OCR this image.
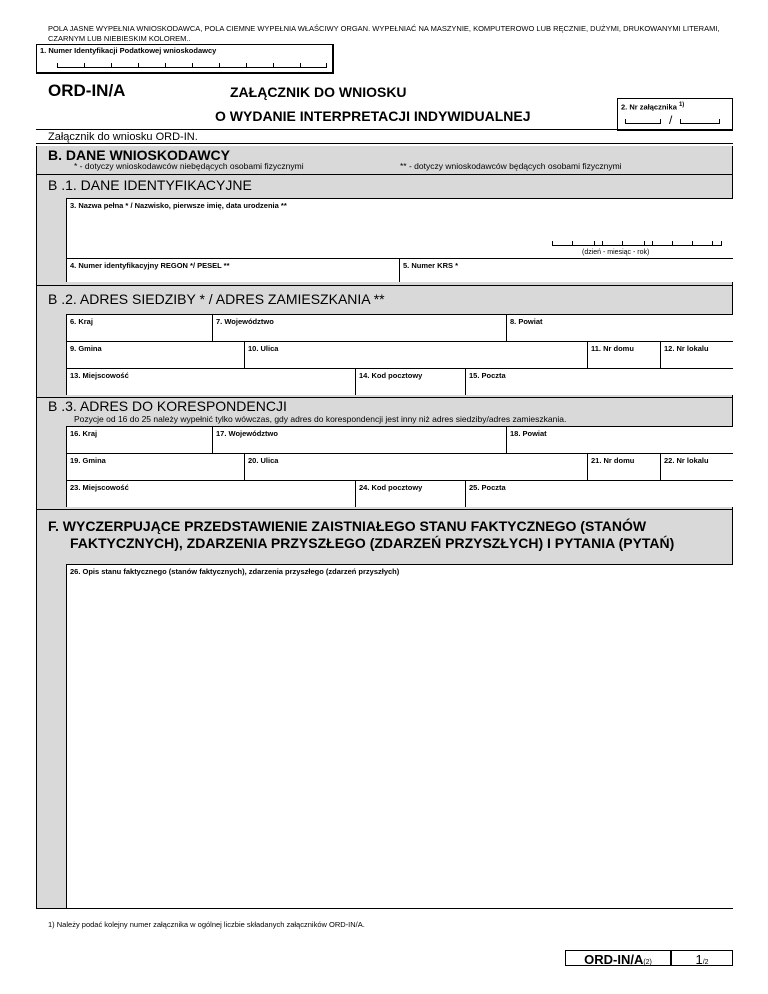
POLA JASNE WYPEŁNIA WNIOSKODAWCA, POLA CIEMNE WYPEŁNIA WŁAŚCIWY ORGAN. WYPEŁNIAĆ NA MASZYNIE, KOMPUTEROWO LUB RĘCZNIE, DUŻYMI, DRUKOWANYMI LITERAMI, CZARNYM LUB NIEBIESKIM KOLOREM..
1. Numer Identyfikacji Podatkowej wnioskodawcy
ORD-IN/A	ZAŁĄCZNIK DO WNIOSKU
O WYDANIE INTERPRETACJI INDYWIDUALNEJ
2. Nr załącznika $^{1)}$
/
Załącznik do wniosku ORD-IN.
B. DANE WNIOSKODAWCY
* - dotyczy wnioskodawców niebędących osobami fizycznymi	** - dotyczy wnioskodawców będących osobami fizycznymi
B .1. DANE IDENTYFIKACYJNE
3. Nazwa pełna * / Nazwisko, pierwsze imię, data urodzenia **
(dzień - miesiąc - rok)
4. Numer identyfikacyjny REGON */ PESEL **	5. Numer KRS *
B .2. ADRES SIEDZIBY * / ADRES ZAMIESZKANIA **
6. Kraj	7. Województwo	8. Powiat
9. Gmina	10. Ulica	11. Nr domu	12. Nr lokalu
13. Miejscowość	14. Kod pocztowy	15. Poczta
B .3. ADRES DO KORESPONDENCJI
Pozycje od 16 do 25 należy wypełnić tylko wówczas, gdy adres do korespondencji jest inny niż adres siedziby/adres zamieszkania.
16. Kraj	17. Województwo	18. Powiat
19. Gmina	20. Ulica	21. Nr domu	22. Nr lokalu
23. Miejscowość	24. Kod pocztowy	25. Poczta
F. WYCZERPUJĄCE PRZEDSTAWIENIE ZAISTNIAŁEGO STANU FAKTYCZNEGO (STANÓW
FAKTYCZNYCH), ZDARZENIA PRZYSZŁEGO (ZDARZEŃ PRZYSZŁYCH) I PYTANIA (PYTAŃ)
26. Opis stanu faktycznego (stanów faktycznych), zdarzenia przyszłego (zdarzeń przyszłych)
1) Należy podać kolejny numer załącznika w ogólnej liczbie składanych załączników ORD-IN/A.
ORD-IN/A(2)	1/2
